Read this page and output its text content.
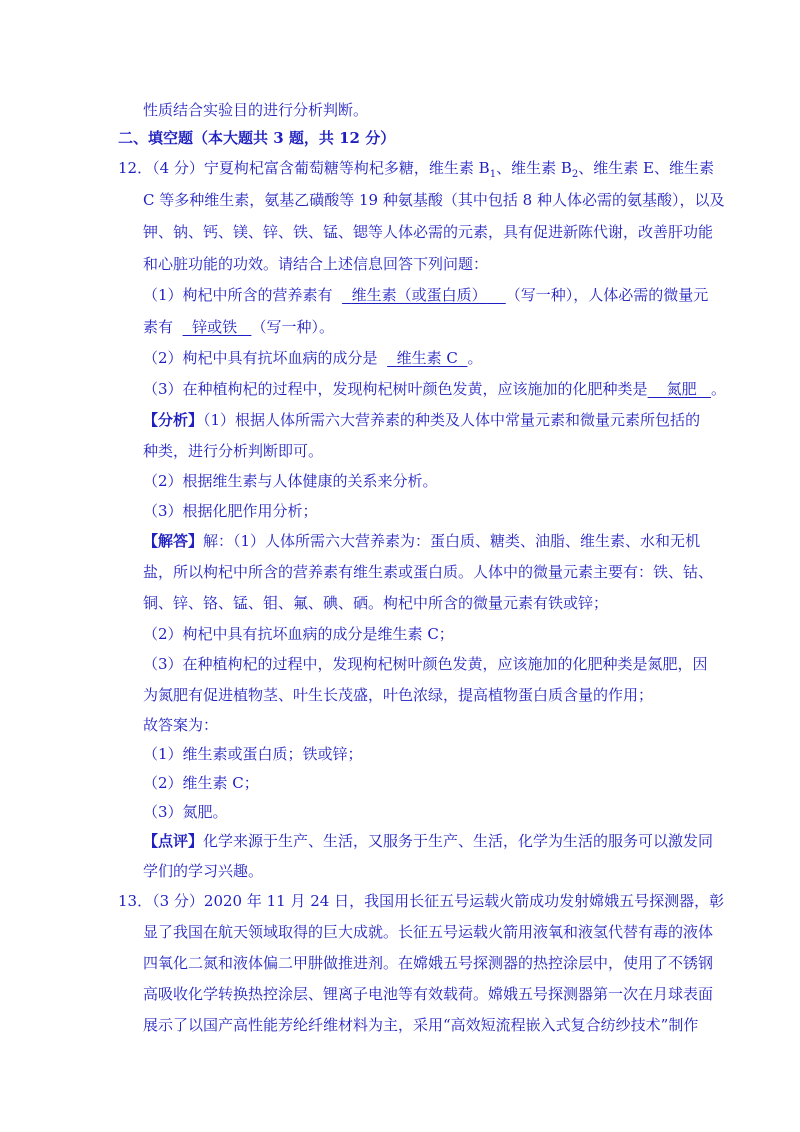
性质结合实验目的进行分析判断。
二、填空题（本大题共 3 题，共 12 分）
12．（4 分）宁夏枸杞富含葡萄糖等枸杞多糖，维生素 $B_1$、维生素 $B_2$、维生素 E、维生素
C 等多种维生素，氨基乙磺酸等 19 种氨基酸（其中包括 8 种人体必需的氨基酸），以及
钾、钠、钙、镁、锌、铁、锰、锶等人体必需的元素，具有促进新陈代谢，改善肝功能
和心脏功能的功效。请结合上述信息回答下列问题：
（1）枸杞中所含的营养素有 维生素（或蛋白质） （写一种），人体必需的微量元
素有 锌或铁 （写一种）。
（2）枸杞中具有抗坏血病的成分是 维生素 C 。
（3）在种植枸杞的过程中，发现枸杞树叶颜色发黄，应该施加的化肥种类是 氮肥 。
【分析】（1）根据人体所需六大营养素的种类及人体中常量元素和微量元素所包括的
种类，进行分析判断即可。
（2）根据维生素与人体健康的关系来分析。
（3）根据化肥作用分析；
【解答】解：（1）人体所需六大营养素为：蛋白质、糖类、油脂、维生素、水和无机
盐，所以枸杞中所含的营养素有维生素或蛋白质。人体中的微量元素主要有：铁、钴、
铜、锌、铬、锰、钼、氟、碘、硒。枸杞中所含的微量元素有铁或锌；
（2）枸杞中具有抗坏血病的成分是维生素 C；
（3）在种植枸杞的过程中，发现枸杞树叶颜色发黄，应该施加的化肥种类是氮肥，因
为氮肥有促进植物茎、叶生长茂盛，叶色浓绿，提高植物蛋白质含量的作用；
故答案为：
（1）维生素或蛋白质；铁或锌；
（2）维生素 C；
（3）氮肥。
【点评】化学来源于生产、生活，又服务于生产、生活，化学为生活的服务可以激发同
学们的学习兴趣。
13．（3 分）2020 年 11 月 24 日，我国用长征五号运载火箭成功发射嫦娥五号探测器，彰
显了我国在航天领域取得的巨大成就。长征五号运载火箭用液氧和液氢代替有毒的液体
四氧化二氮和液体偏二甲肼做推进剂。在嫦娥五号探测器的热控涂层中，使用了不锈钢
高吸收化学转换热控涂层、锂离子电池等有效载荷。嫦娥五号探测器第一次在月球表面
展示了以国产高性能芳纶纤维材料为主，采用“高效短流程嵌入式复合纺纱技术”制作
